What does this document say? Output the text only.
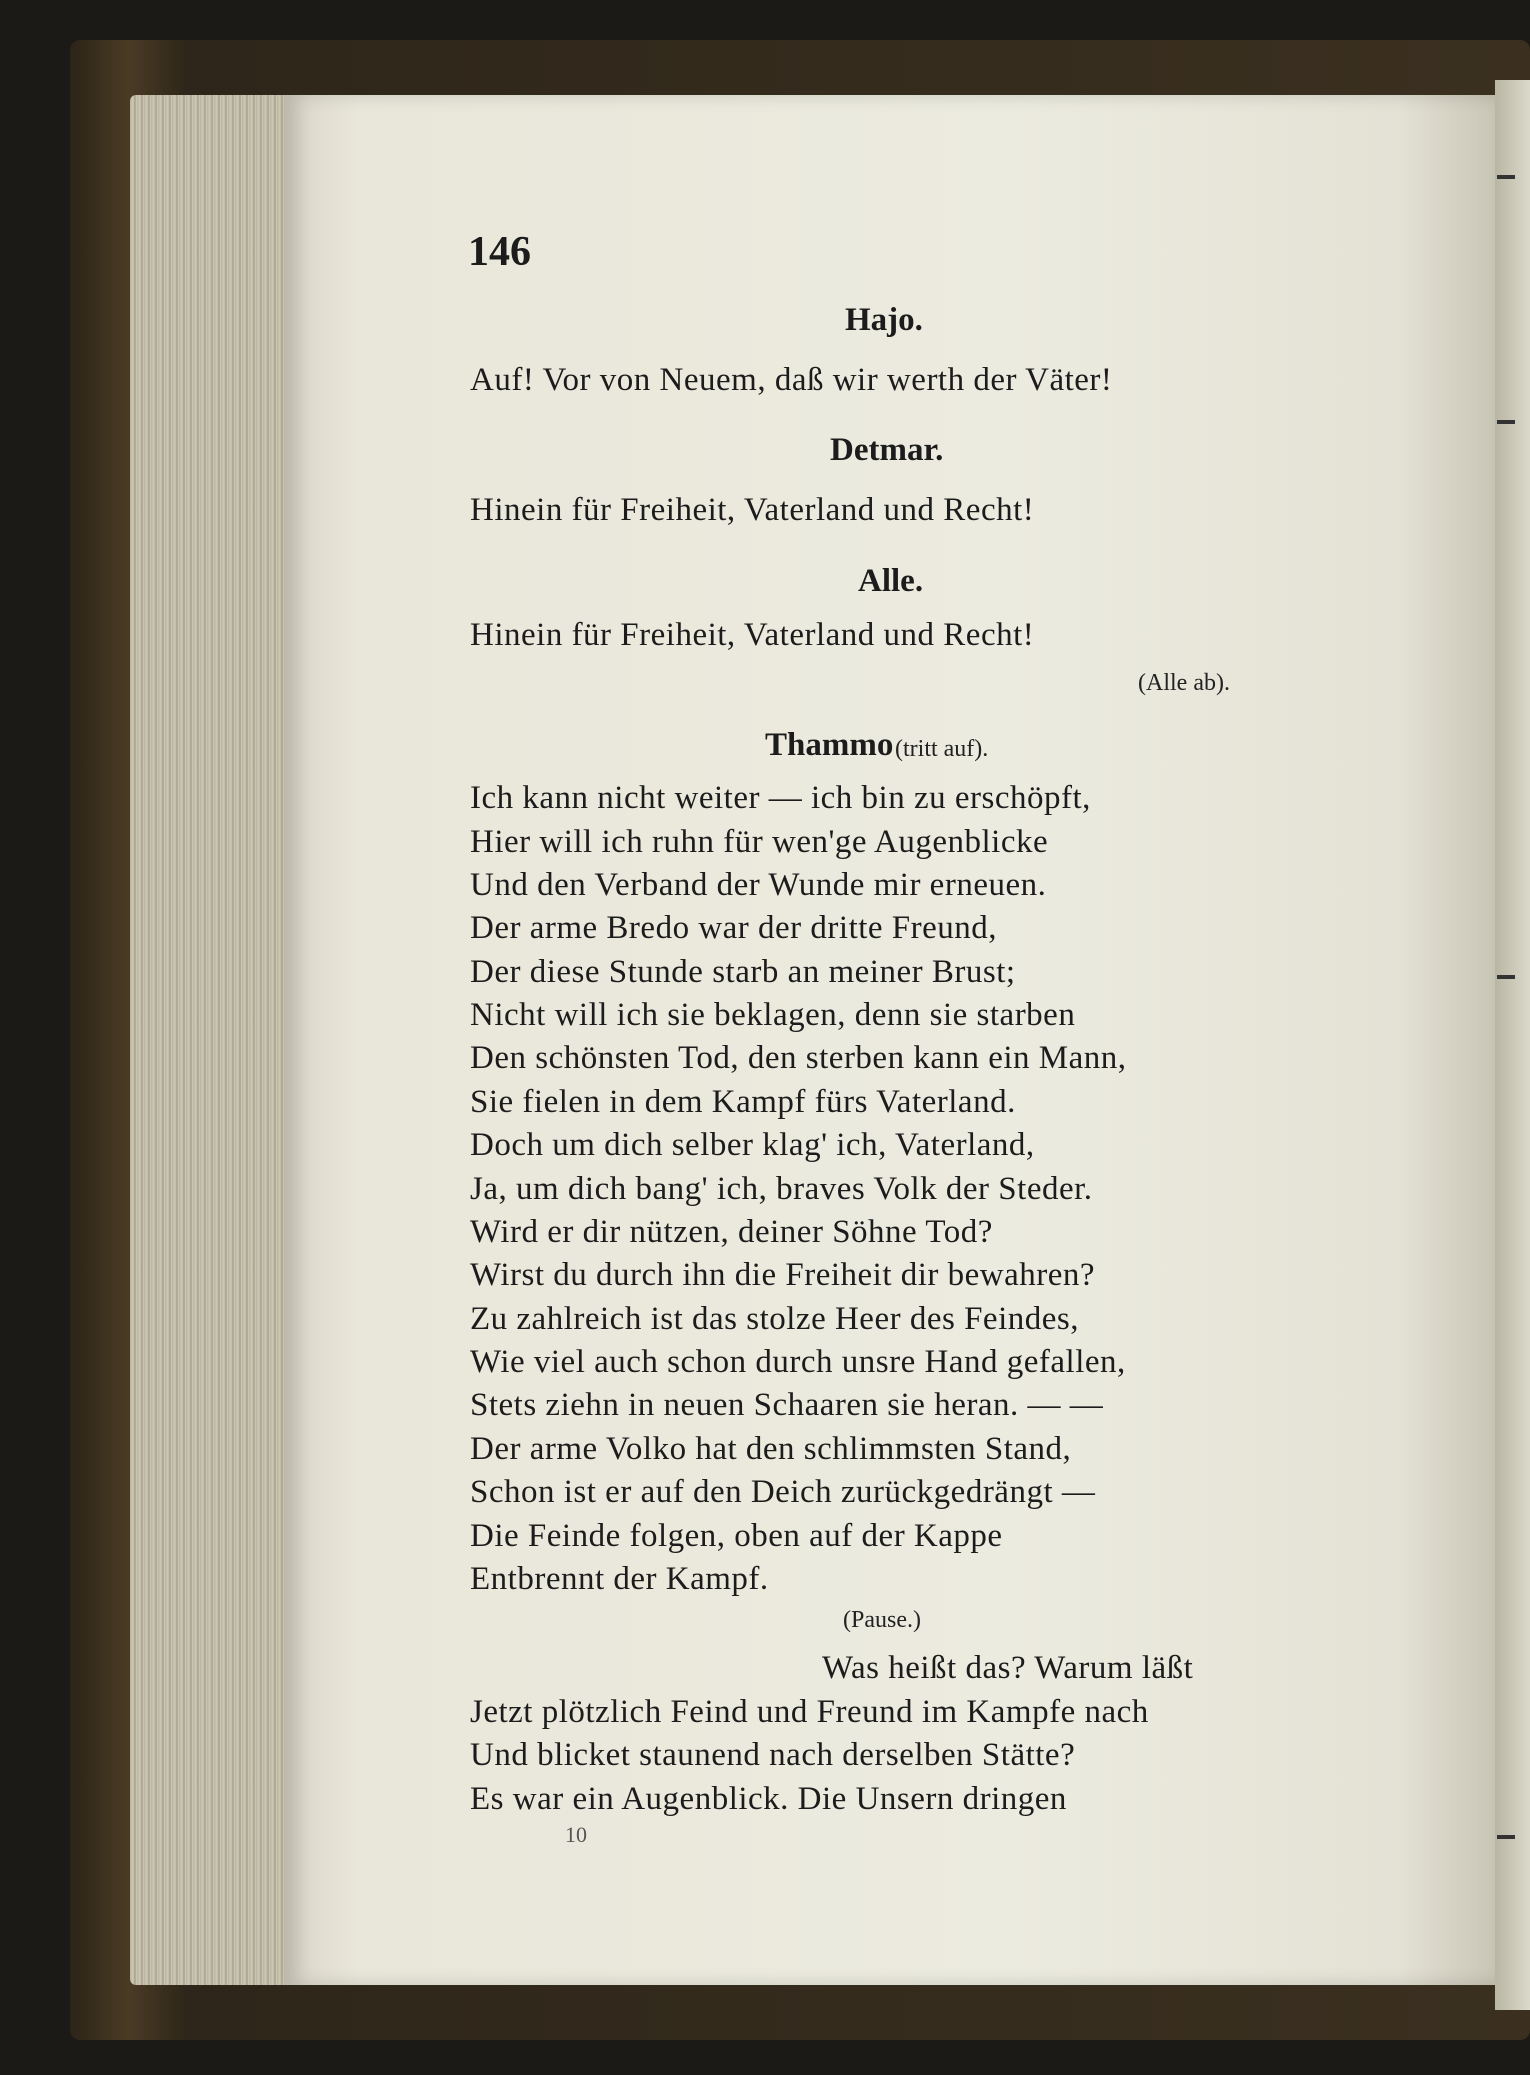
146
Hajo.
Auf! Vor von Neuem, daß wir werth der Väter!
Detmar.
Hinein für Freiheit, Vaterland und Recht!
Alle.
Hinein für Freiheit, Vaterland und Recht!
(Alle ab).
Thammo (tritt auf).
Ich kann nicht weiter — ich bin zu erschöpft,
Hier will ich ruhn für wen'ge Augenblicke
Und den Verband der Wunde mir erneuen.
Der arme Bredo war der dritte Freund,
Der diese Stunde starb an meiner Brust;
Nicht will ich sie beklagen, denn sie starben
Den schönsten Tod, den sterben kann ein Mann,
Sie fielen in dem Kampf fürs Vaterland.
Doch um dich selber klag' ich, Vaterland,
Ja, um dich bang' ich, braves Volk der Steder.
Wird er dir nützen, deiner Söhne Tod?
Wirst du durch ihn die Freiheit dir bewahren?
Zu zahlreich ist das stolze Heer des Feindes,
Wie viel auch schon durch unsre Hand gefallen,
Stets ziehn in neuen Schaaren sie heran. — —
Der arme Volko hat den schlimmsten Stand,
Schon ist er auf den Deich zurückgedrängt —
Die Feinde folgen, oben auf der Kappe
Entbrennt der Kampf.
(Pause.)
Was heißt das? Warum läßt
Jetzt plötzlich Feind und Freund im Kampfe nach
Und blicket staunend nach derselben Stätte?
Es war ein Augenblick. Die Unsern dringen
10
